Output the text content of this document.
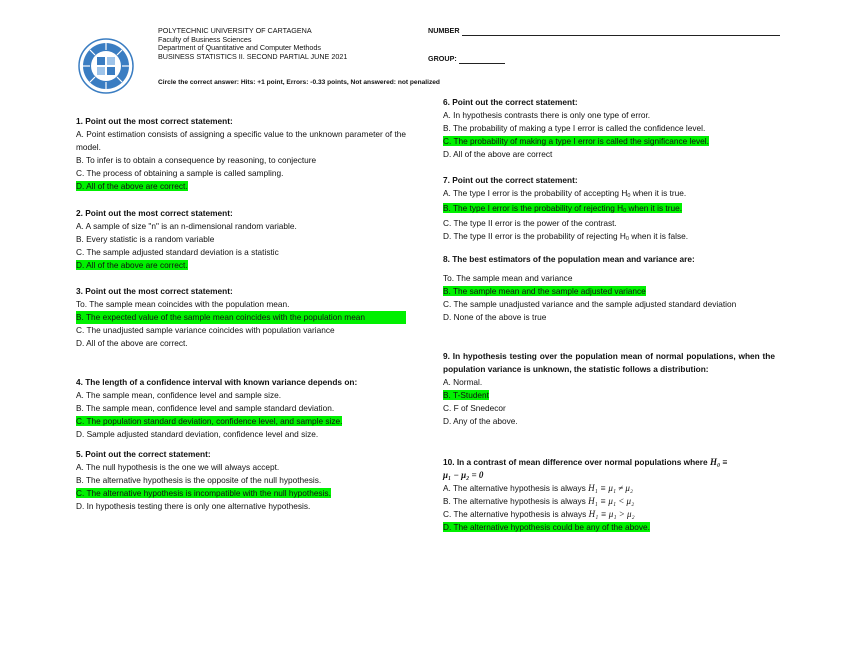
POLYTECHNIC UNIVERSITY OF CARTAGENA
Faculty of Business Sciences
Department of Quantitative and Computer Methods
BUSINESS STATISTICS II. SECOND PARTIAL JUNE 2021
NUMBER
GROUP:
Circle the correct answer: Hits: +1 point, Errors: -0.33 points, Not answered: not penalized
1. Point out the most correct statement:
A. Point estimation consists of assigning a specific value to the unknown parameter of the model.
B. To infer is to obtain a consequence by reasoning, to conjecture
C. The process of obtaining a sample is called sampling.
D. All of the above are correct.
2. Point out the most correct statement:
A. A sample of size "n" is an n-dimensional random variable.
B. Every statistic is a random variable
C. The sample adjusted standard deviation is a statistic
D. All of the above are correct.
3. Point out the most correct statement:
To. The sample mean coincides with the population mean.
B. The expected value of the sample mean coincides with the population mean
C. The unadjusted sample variance coincides with population variance
D. All of the above are correct.
4. The length of a confidence interval with known variance depends on:
A. The sample mean, confidence level and sample size.
B. The sample mean, confidence level and sample standard deviation.
C. The population standard deviation, confidence level, and sample size.
D. Sample adjusted standard deviation, confidence level and size.
5. Point out the correct statement:
A. The null hypothesis is the one we will always accept.
B. The alternative hypothesis is the opposite of the null hypothesis.
C. The alternative hypothesis is incompatible with the null hypothesis.
D. In hypothesis testing there is only one alternative hypothesis.
6. Point out the correct statement:
A. In hypothesis contrasts there is only one type of error.
B. The probability of making a type I error is called the confidence level.
C. The probability of making a type I error is called the significance level.
D. All of the above are correct
7. Point out the correct statement:
A. The type I error is the probability of accepting H0 when it is true.
B. The type I error is the probability of rejecting H0 when it is true.
C. The type II error is the power of the contrast.
D. The type II error is the probability of rejecting H0 when it is false.
8. The best estimators of the population mean and variance are:
To. The sample mean and variance
B. The sample mean and the sample adjusted variance
C. The sample unadjusted variance and the sample adjusted standard deviation
D. None of the above is true
9. In hypothesis testing over the population mean of normal populations, when the population variance is unknown, the statistic follows a distribution:
A. Normal.
B. T-Student
C. F of Snedecor
D. Any of the above.
10. In a contrast of mean difference over normal populations where H₀ ≡
μ₁ − μ₂ = 0
A. The alternative hypothesis is always H₁ ≡ μ₁ ≠ μ₂
B. The alternative hypothesis is always H₁ ≡ μ₁ < μ₂
C. The alternative hypothesis is always H₁ ≡ μ₁ > μ₂
D. The alternative hypothesis could be any of the above.
